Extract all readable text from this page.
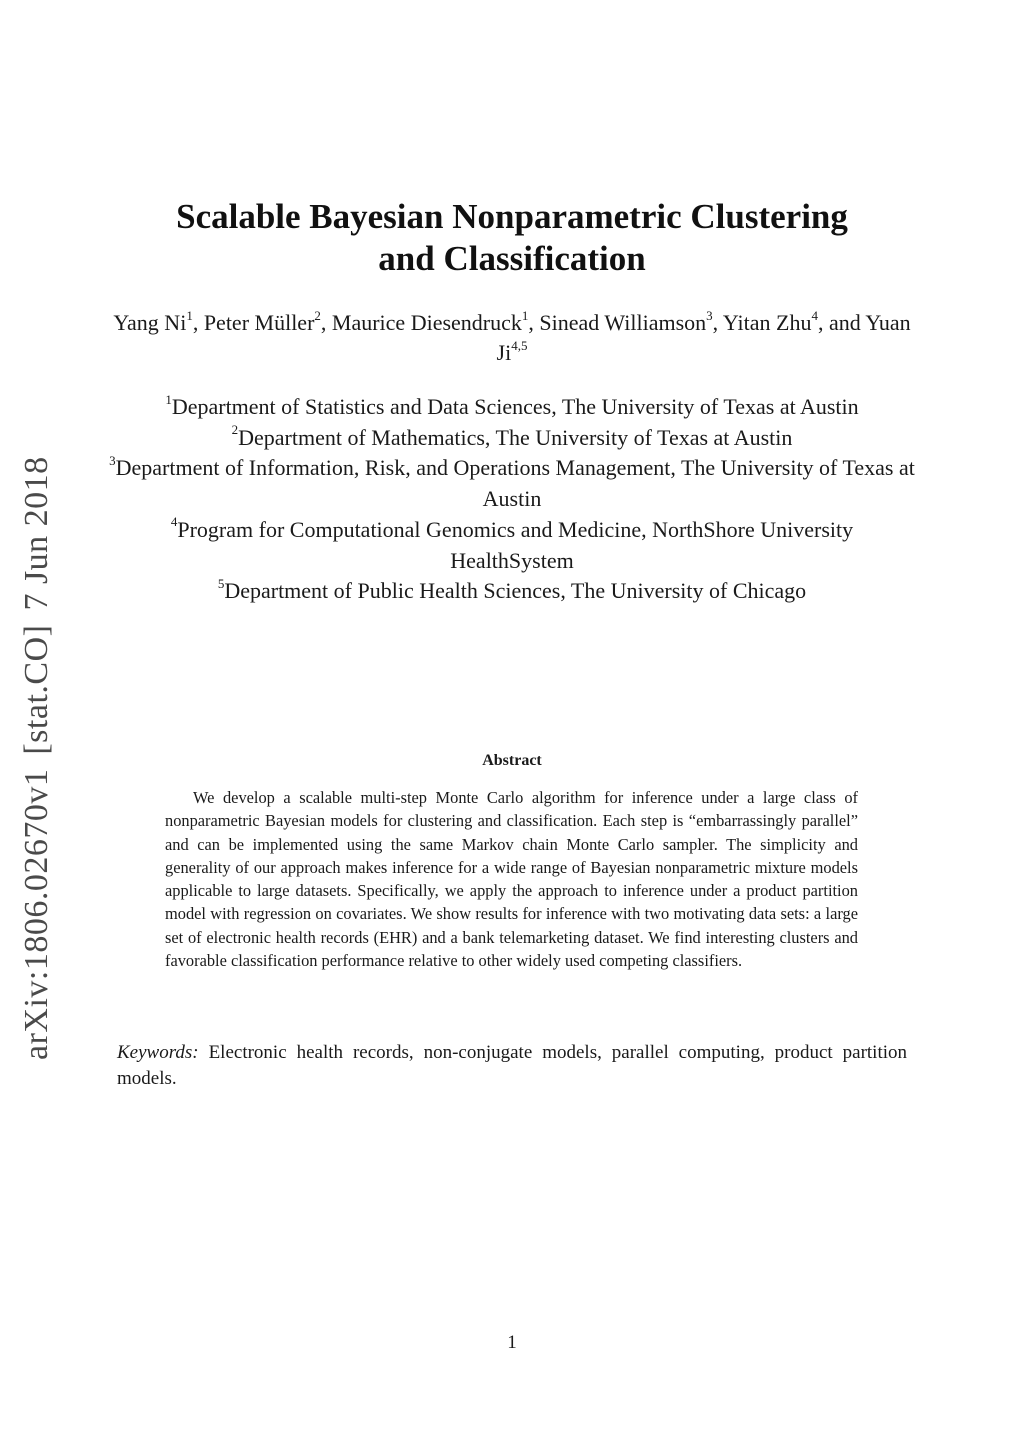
arXiv:1806.02670v1[stat.CO]7 Jun 2018
Scalable Bayesian Nonparametric Clustering
and Classification
Yang Ni$^1$, Peter Müller$^2$, Maurice Diesendruck$^1$, Sinead Williamson$^3$, Yitan Zhu$^4$, and Yuan Ji$^{4,5}$

$^1$Department of Statistics and Data Sciences, The University of Texas at Austin

$^2$Department of Mathematics, The University of Texas at Austin

$^3$Department of Information, Risk, and Operations Management, The University of Texas at Austin

$^4$Program for Computational Genomics and Medicine, NorthShore University HealthSystem

$^5$Department of Public Health Sciences, The University of Chicago

Abstract
We develop a scalable multi-step Monte Carlo algorithm for inference under a large class of nonparametric Bayesian models for clustering and classification. Each step is “embarrassingly parallel” and can be implemented using the same Markov chain Monte Carlo sampler. The simplicity and generality of our approach makes inference for a wide range of Bayesian nonparametric mixture models applicable to large datasets. Specifically, we apply the approach to inference under a product partition model with regression on covariates. We show results for inference with two motivating data sets: a large set of electronic health records (EHR) and a bank telemarketing dataset. We find interesting clusters and favorable classification performance relative to other widely used competing classifiers.
Keywords: Electronic health records, non-conjugate models, parallel computing, product partition models.
1
